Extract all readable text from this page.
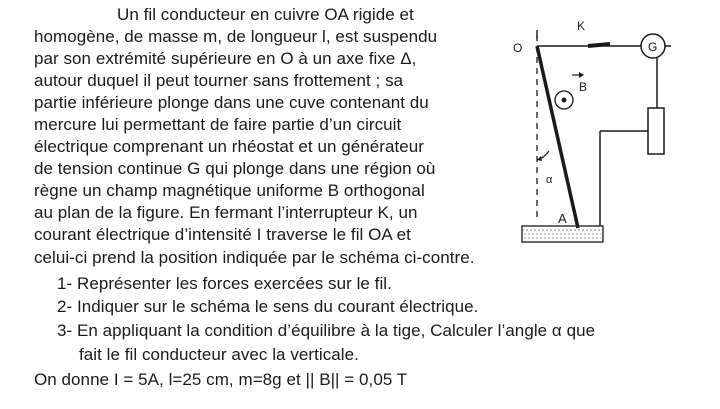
Un fil conducteur en cuivre OA rigide et
homogène, de masse m, de longueur l, est suspendu
par son extrémité supérieure en O à un axe fixe Δ,
autour duquel il peut tourner sans frottement ; sa
partie inférieure plonge dans une cuve contenant du
mercure lui permettant de faire partie d’un circuit
électrique comprenant un rhéostat et un générateur
de tension continue G qui plonge dans une région où
règne un champ magnétique uniforme B orthogonal
au plan de la figure. En fermant l’interrupteur K, un
courant électrique d’intensité I traverse le fil OA et
celui-ci prend la position indiquée par le schéma ci-contre.
1- Représenter les forces exercées sur le fil.
2- Indiquer sur le schéma le sens du courant électrique.
3- En appliquant la condition d’équilibre à la tige, Calculer l’angle α que
fait le fil conducteur avec la verticale.
On donne I = 5A, l=25 cm, m=8g et || B|| = 0,05 T
O
K
G
B
A
α
